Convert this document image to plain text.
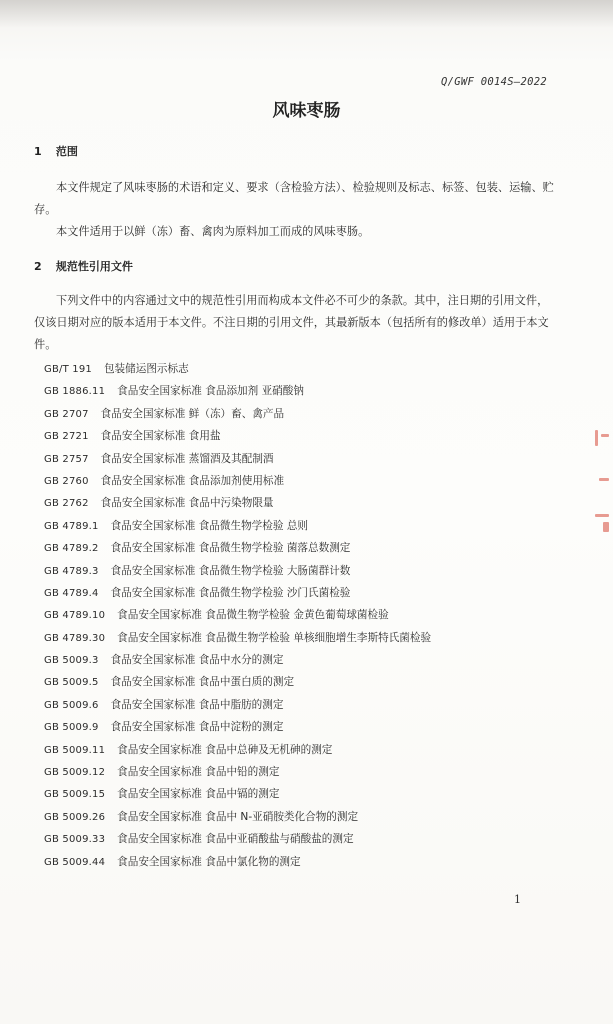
Q/GWF 0014S—2022
风味枣肠
1 范围
本文件规定了风味枣肠的术语和定义、要求（含检验方法）、检验规则及标志、标签、包装、运输、贮存。
本文件适用于以鲜（冻）畜、禽肉为原料加工而成的风味枣肠。
2 规范性引用文件
下列文件中的内容通过文中的规范性引用而构成本文件必不可少的条款。其中，注日期的引用文件，仅该日期对应的版本适用于本文件。不注日期的引用文件，其最新版本（包括所有的修改单）适用于本文件。
GB/T 191 包装储运图示标志
GB 1886.11 食品安全国家标准 食品添加剂 亚硝酸钠
GB 2707 食品安全国家标准 鲜（冻）畜、禽产品
GB 2721 食品安全国家标准 食用盐
GB 2757 食品安全国家标准 蒸馏酒及其配制酒
GB 2760 食品安全国家标准 食品添加剂使用标准
GB 2762 食品安全国家标准 食品中污染物限量
GB 4789.1 食品安全国家标准 食品微生物学检验 总则
GB 4789.2 食品安全国家标准 食品微生物学检验 菌落总数测定
GB 4789.3 食品安全国家标准 食品微生物学检验 大肠菌群计数
GB 4789.4 食品安全国家标准 食品微生物学检验 沙门氏菌检验
GB 4789.10 食品安全国家标准 食品微生物学检验 金黄色葡萄球菌检验
GB 4789.30 食品安全国家标准 食品微生物学检验 单核细胞增生李斯特氏菌检验
GB 5009.3 食品安全国家标准 食品中水分的测定
GB 5009.5 食品安全国家标准 食品中蛋白质的测定
GB 5009.6 食品安全国家标准 食品中脂肪的测定
GB 5009.9 食品安全国家标准 食品中淀粉的测定
GB 5009.11 食品安全国家标准 食品中总砷及无机砷的测定
GB 5009.12 食品安全国家标准 食品中铅的测定
GB 5009.15 食品安全国家标准 食品中镉的测定
GB 5009.26 食品安全国家标准 食品中 N-亚硝胺类化合物的测定
GB 5009.33 食品安全国家标准 食品中亚硝酸盐与硝酸盐的测定
GB 5009.44 食品安全国家标准 食品中氯化物的测定
1
